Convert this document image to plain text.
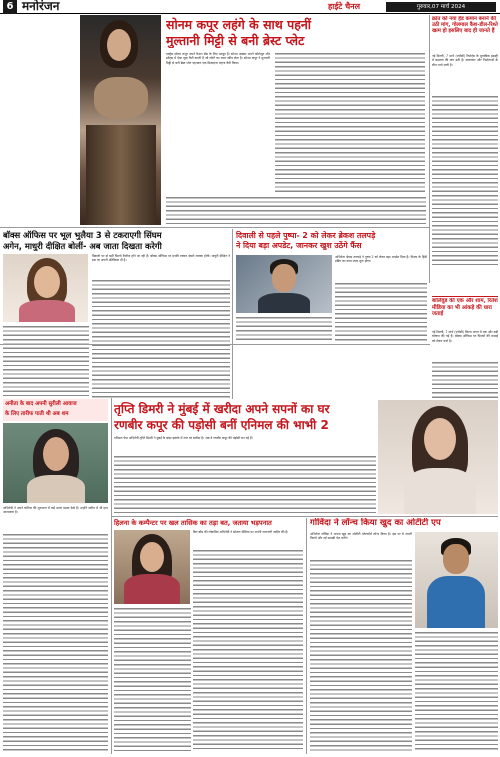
6 मनोरंजन	हाईटे चैनल	गुरुवार,07 मार्च 2024
सोनम कपूर लहंगे के साथ पहनीं
मुल्तानी मिट्टी से बनी ब्रेस्ट प्लेट
एक्ट्रेस सोनम कपूर अपने फैशन सेंस के लिए मशहूर हैं। सोनम अक्सर अपने फोटोशूट और इवेंट्स में ऐसा लुक कैरी करती हैं जो लोगों का ध्यान खींच लेता है। सोनम कपूर ने मुल्तानी मिट्टी से बनी ब्रेस्ट प्लेट पहनकर एक डिजाइनर लहंगा कैरी किया।
क्रांत को नया हेड कमान बनाने की उठी मांग, गोलमाल कैश-डील-रिश्ते खत्म हो इसलिए बाद ही जानते हैं
नई दिल्ली, 7 मार्च (एजेंसी) रिपोर्ट्स के मुताबिक इंडस्ट्री में बदलाव की मांग उठी है। कलाकार और निर्माताओं के बीच चर्चा जारी है।
बालिवुड की एक और शाम, रितेश मीडिया का भी आंकड़े की धारा जताई
नई दिल्ली, 7 मार्च (एजेंसी) फिल्म जगत में एक और बड़ी घोषणा की गई है। बॉक्स ऑफिस पर फिल्मों की कमाई को लेकर चर्चा है।
बॉक्स ऑफिस पर भूल भुलैया 3 से टकराएगी सिंघम
अगेन, माधुरी दीक्षित बोलीं- अब जाता दिखता करेगी
दिवाली पर दो बड़ी फिल्में रिलीज होने जा रही हैं। बॉक्स ऑफिस पर इनकी टक्कर देखने लायक होगी। माधुरी दीक्षित ने इस पर अपनी प्रतिक्रिया दी है।
दिवाली से पहले पुष्पा- 2 को लेकर ब्रेकश तलपड़े
ने दिया बड़ा अपडेट, जानकर खुश उठेंगे फैंस
अभिनेता श्रेयस तलपड़े ने पुष्पा 2 को लेकर बड़ा अपडेट दिया है। फिल्म के हिंदी डबिंग का काम जल्द शुरू होगा।
अनीता के बाद अपनी सुरीली आवाज
के लिए तारीफ पाती थी अब शम
अभिनेत्री ने अपने करियर की शुरुआत में कई उतार चढ़ाव देखे हैं। उन्होंने संगीत में भी हाथ आजमाया है।
तृप्ति डिमरी ने मुंबई में खरीदा अपने सपनों का घर
रणबीर कपूर की पड़ोसी बनीं एनिमल की भाभी 2
एनिमल फेम अभिनेत्री तृप्ति डिमरी ने मुंबई के बांद्रा इलाके में नया घर खरीदा है। अब वे रणबीर कपूर की पड़ोसी बन गई हैं।
हिलना के कम्पैन्टर पर खल तासिक का तड़ा बत, जताया भड़पनात
बिग बॉस की लोकप्रिय अभिनेत्री ने सोशल मीडिया पर अपनी नाराजगी जाहिर की है।
गोविंदा ने लॉन्च किया खुद का ओटीटी एप
अभिनेता गोविंदा ने अपना खुद का ओटीटी प्लेटफॉर्म लॉन्च किया है। इस पर वे अपनी फिल्में और नई सामग्री पेश करेंगे।
